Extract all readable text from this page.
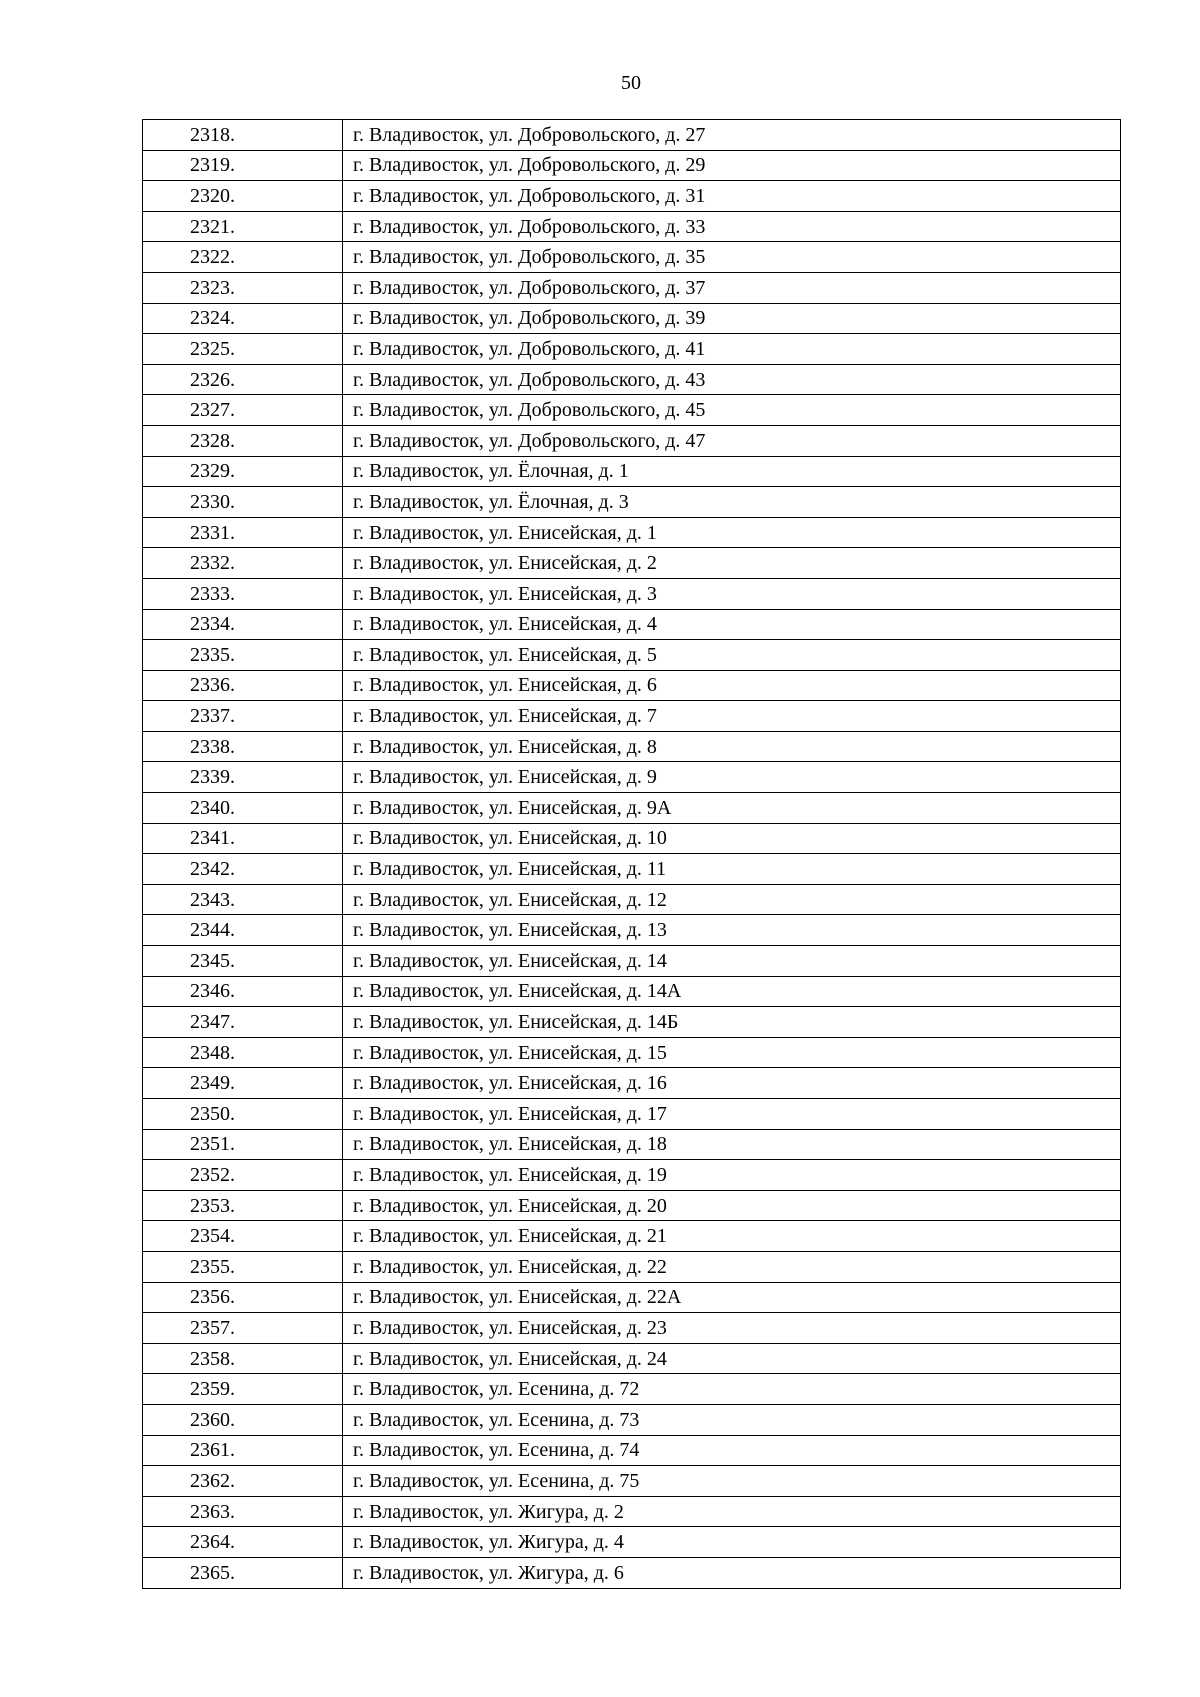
50
2318.	г. Владивосток, ул. Добровольского, д. 27
2319.	г. Владивосток, ул. Добровольского, д. 29
2320.	г. Владивосток, ул. Добровольского, д. 31
2321.	г. Владивосток, ул. Добровольского, д. 33
2322.	г. Владивосток, ул. Добровольского, д. 35
2323.	г. Владивосток, ул. Добровольского, д. 37
2324.	г. Владивосток, ул. Добровольского, д. 39
2325.	г. Владивосток, ул. Добровольского, д. 41
2326.	г. Владивосток, ул. Добровольского, д. 43
2327.	г. Владивосток, ул. Добровольского, д. 45
2328.	г. Владивосток, ул. Добровольского, д. 47
2329.	г. Владивосток, ул. Ёлочная, д. 1
2330.	г. Владивосток, ул. Ёлочная, д. 3
2331.	г. Владивосток, ул. Енисейская, д. 1
2332.	г. Владивосток, ул. Енисейская, д. 2
2333.	г. Владивосток, ул. Енисейская, д. 3
2334.	г. Владивосток, ул. Енисейская, д. 4
2335.	г. Владивосток, ул. Енисейская, д. 5
2336.	г. Владивосток, ул. Енисейская, д. 6
2337.	г. Владивосток, ул. Енисейская, д. 7
2338.	г. Владивосток, ул. Енисейская, д. 8
2339.	г. Владивосток, ул. Енисейская, д. 9
2340.	г. Владивосток, ул. Енисейская, д. 9А
2341.	г. Владивосток, ул. Енисейская, д. 10
2342.	г. Владивосток, ул. Енисейская, д. 11
2343.	г. Владивосток, ул. Енисейская, д. 12
2344.	г. Владивосток, ул. Енисейская, д. 13
2345.	г. Владивосток, ул. Енисейская, д. 14
2346.	г. Владивосток, ул. Енисейская, д. 14А
2347.	г. Владивосток, ул. Енисейская, д. 14Б
2348.	г. Владивосток, ул. Енисейская, д. 15
2349.	г. Владивосток, ул. Енисейская, д. 16
2350.	г. Владивосток, ул. Енисейская, д. 17
2351.	г. Владивосток, ул. Енисейская, д. 18
2352.	г. Владивосток, ул. Енисейская, д. 19
2353.	г. Владивосток, ул. Енисейская, д. 20
2354.	г. Владивосток, ул. Енисейская, д. 21
2355.	г. Владивосток, ул. Енисейская, д. 22
2356.	г. Владивосток, ул. Енисейская, д. 22А
2357.	г. Владивосток, ул. Енисейская, д. 23
2358.	г. Владивосток, ул. Енисейская, д. 24
2359.	г. Владивосток, ул. Есенина, д. 72
2360.	г. Владивосток, ул. Есенина, д. 73
2361.	г. Владивосток, ул. Есенина, д. 74
2362.	г. Владивосток, ул. Есенина, д. 75
2363.	г. Владивосток, ул. Жигура, д. 2
2364.	г. Владивосток, ул. Жигура, д. 4
2365.	г. Владивосток, ул. Жигура, д. 6
